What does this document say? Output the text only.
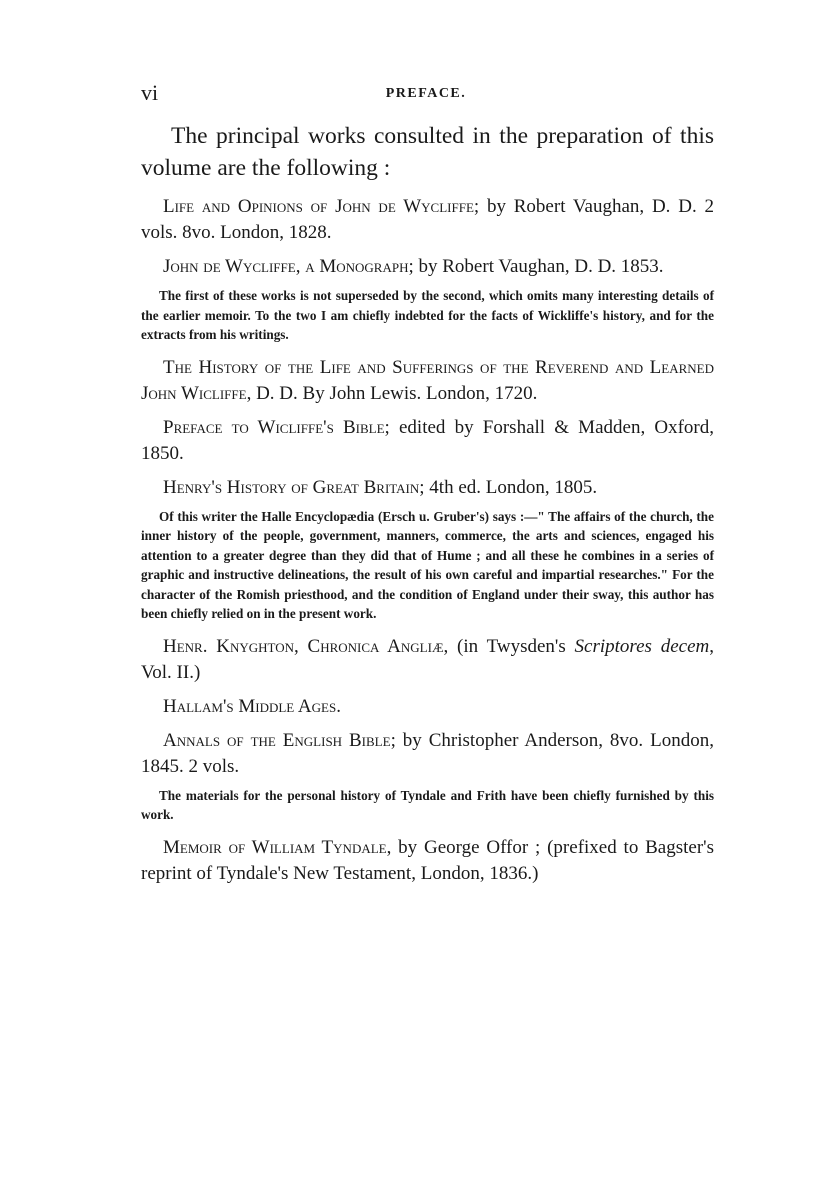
vi	PREFACE.

The principal works consulted in the preparation of this volume are the following :

Life and Opinions of John de Wycliffe; by Robert Vaughan, D. D. 2 vols. 8vo. London, 1828.

John de Wycliffe, a Monograph; by Robert Vaughan, D. D. 1853.

The first of these works is not superseded by the second, which omits many interesting details of the earlier memoir. To the two I am chiefly indebted for the facts of Wickliffe's history, and for the extracts from his writings.

The History of the Life and Sufferings of the Reverend and Learned John Wicliffe, D. D. By John Lewis. London, 1720.

Preface to Wicliffe's Bible; edited by Forshall & Madden, Oxford, 1850.

Henry's History of Great Britain; 4th ed. London, 1805.

Of this writer the Halle Encyclopædia (Ersch u. Gruber's) says :—" The affairs of the church, the inner history of the people, government, manners, commerce, the arts and sciences, engaged his attention to a greater degree than they did that of Hume ; and all these he combines in a series of graphic and instructive delineations, the result of his own careful and impartial researches." For the character of the Romish priesthood, and the condition of England under their sway, this author has been chiefly relied on in the present work.

Henr. Knyghton, Chronica Angliæ, (in Twysden's Scriptores decem, Vol. II.)

Hallam's Middle Ages.

Annals of the English Bible; by Christopher Anderson, 8vo. London, 1845. 2 vols.

The materials for the personal history of Tyndale and Frith have been chiefly furnished by this work.

Memoir of William Tyndale, by George Offor ; (prefixed to Bagster's reprint of Tyndale's New Testament, London, 1836.)
